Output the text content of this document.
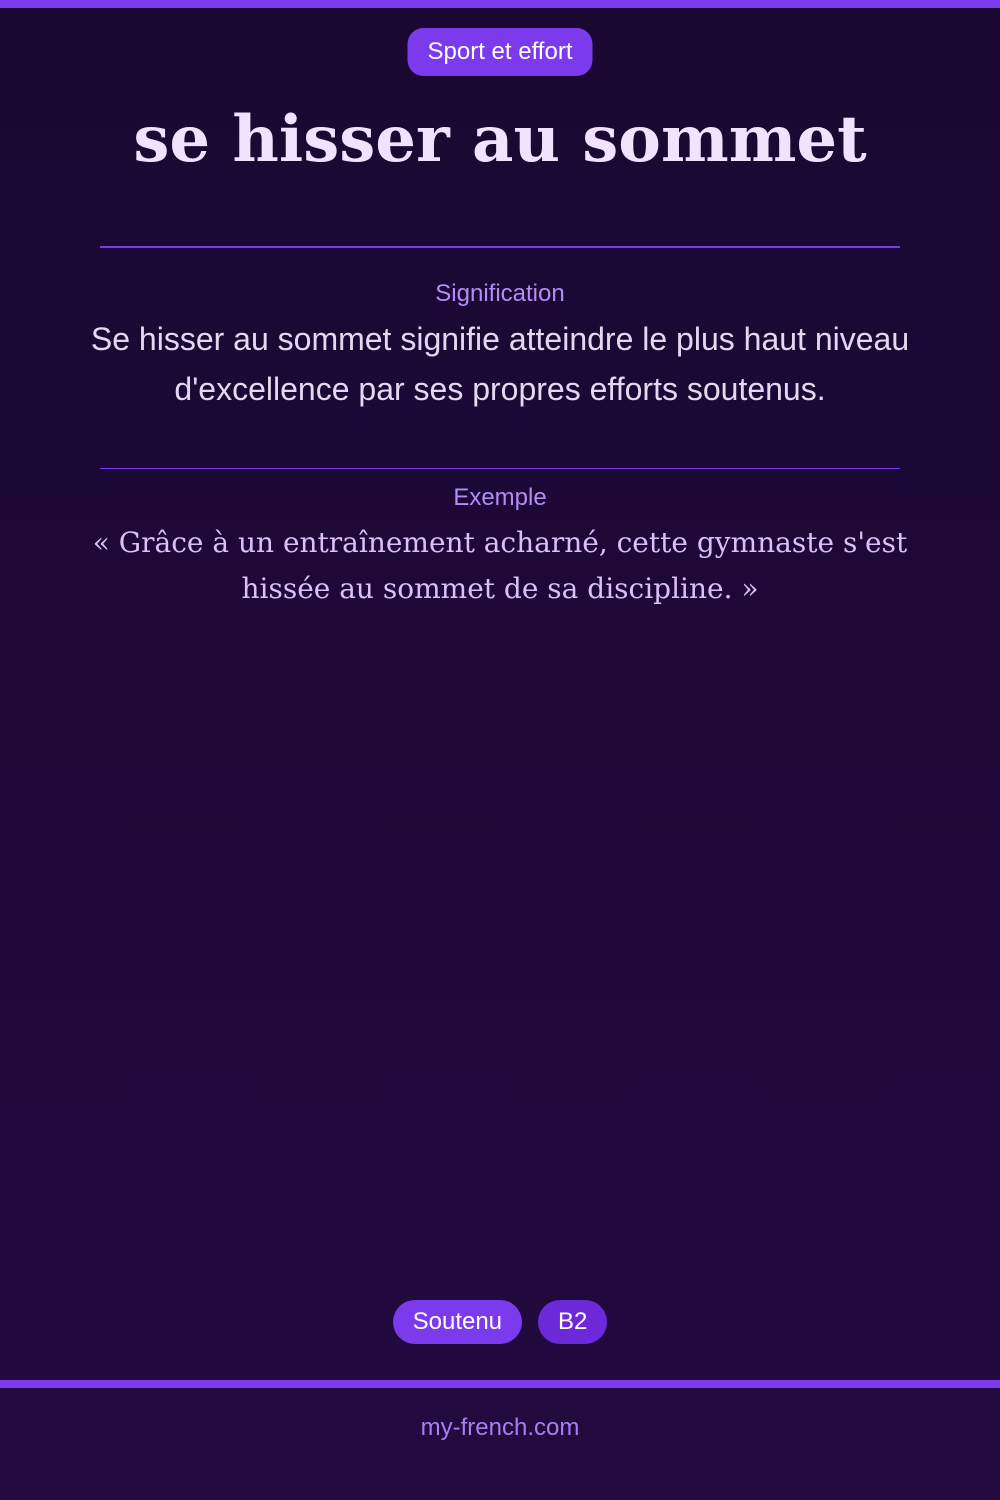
Sport et effort
se hisser au sommet
Signification
Se hisser au sommet signifie atteindre le plus haut niveau d'excellence par ses propres efforts soutenus.
Exemple
« Grâce à un entraînement acharné, cette gymnaste s'est hissée au sommet de sa discipline. »
Soutenu	B2
my-french.com
